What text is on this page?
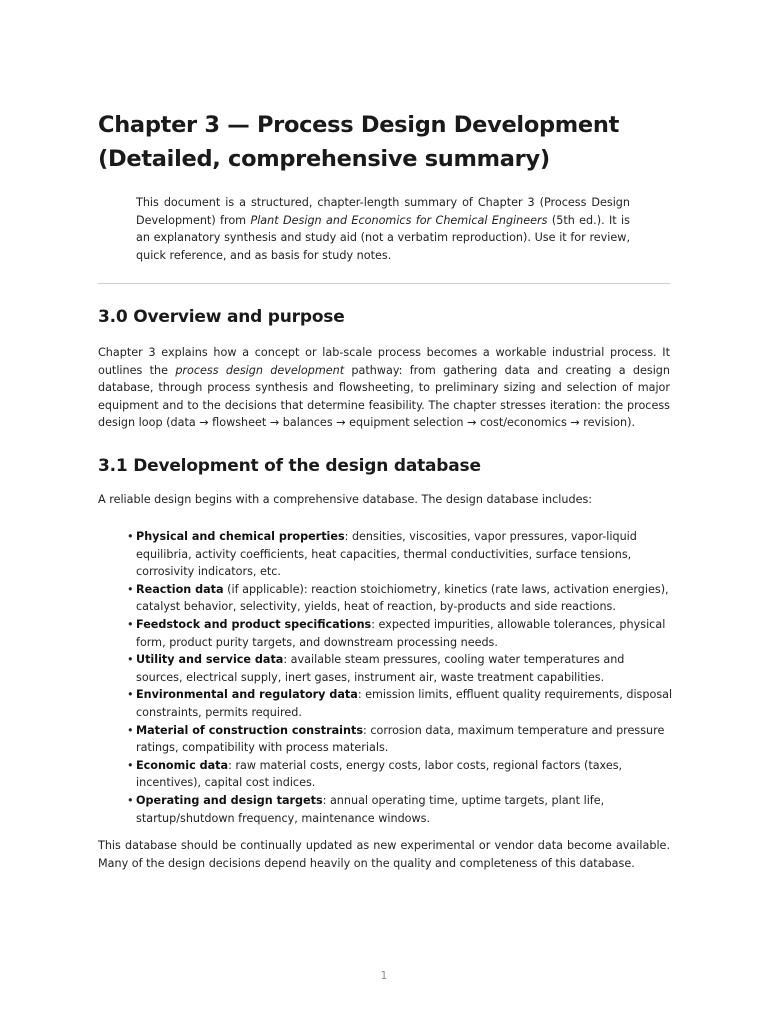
Chapter 3 — Process Design Development
(Detailed, comprehensive summary)

This document is a structured, chapter-length summary of Chapter 3 (Process Design Development) from Plant Design and Economics for Chemical Engineers (5th ed.). It is an explanatory synthesis and study aid (not a verbatim reproduction). Use it for review, quick reference, and as basis for study notes.

3.0 Overview and purpose

Chapter 3 explains how a concept or lab-scale process becomes a workable industrial process. It outlines the process design development pathway: from gathering data and creating a design database, through process synthesis and flowsheeting, to preliminary sizing and selection of major equipment and to the decisions that determine feasibility. The chapter stresses iteration: the process design loop (data → flowsheet → balances → equipment selection → cost/economics → revision).

3.1 Development of the design database

A reliable design begins with a comprehensive database. The design database includes:

• Physical and chemical properties: densities, viscosities, vapor pressures, vapor-liquid equilibria, activity coefficients, heat capacities, thermal conductivities, surface tensions, corrosivity indicators, etc.
• Reaction data (if applicable): reaction stoichiometry, kinetics (rate laws, activation energies), catalyst behavior, selectivity, yields, heat of reaction, by-products and side reactions.
• Feedstock and product specifications: expected impurities, allowable tolerances, physical form, product purity targets, and downstream processing needs.
• Utility and service data: available steam pressures, cooling water temperatures and sources, electrical supply, inert gases, instrument air, waste treatment capabilities.
• Environmental and regulatory data: emission limits, effluent quality requirements, disposal constraints, permits required.
• Material of construction constraints: corrosion data, maximum temperature and pressure ratings, compatibility with process materials.
• Economic data: raw material costs, energy costs, labor costs, regional factors (taxes, incentives), capital cost indices.
• Operating and design targets: annual operating time, uptime targets, plant life, startup/shutdown frequency, maintenance windows.

This database should be continually updated as new experimental or vendor data become available. Many of the design decisions depend heavily on the quality and completeness of this database.

1
